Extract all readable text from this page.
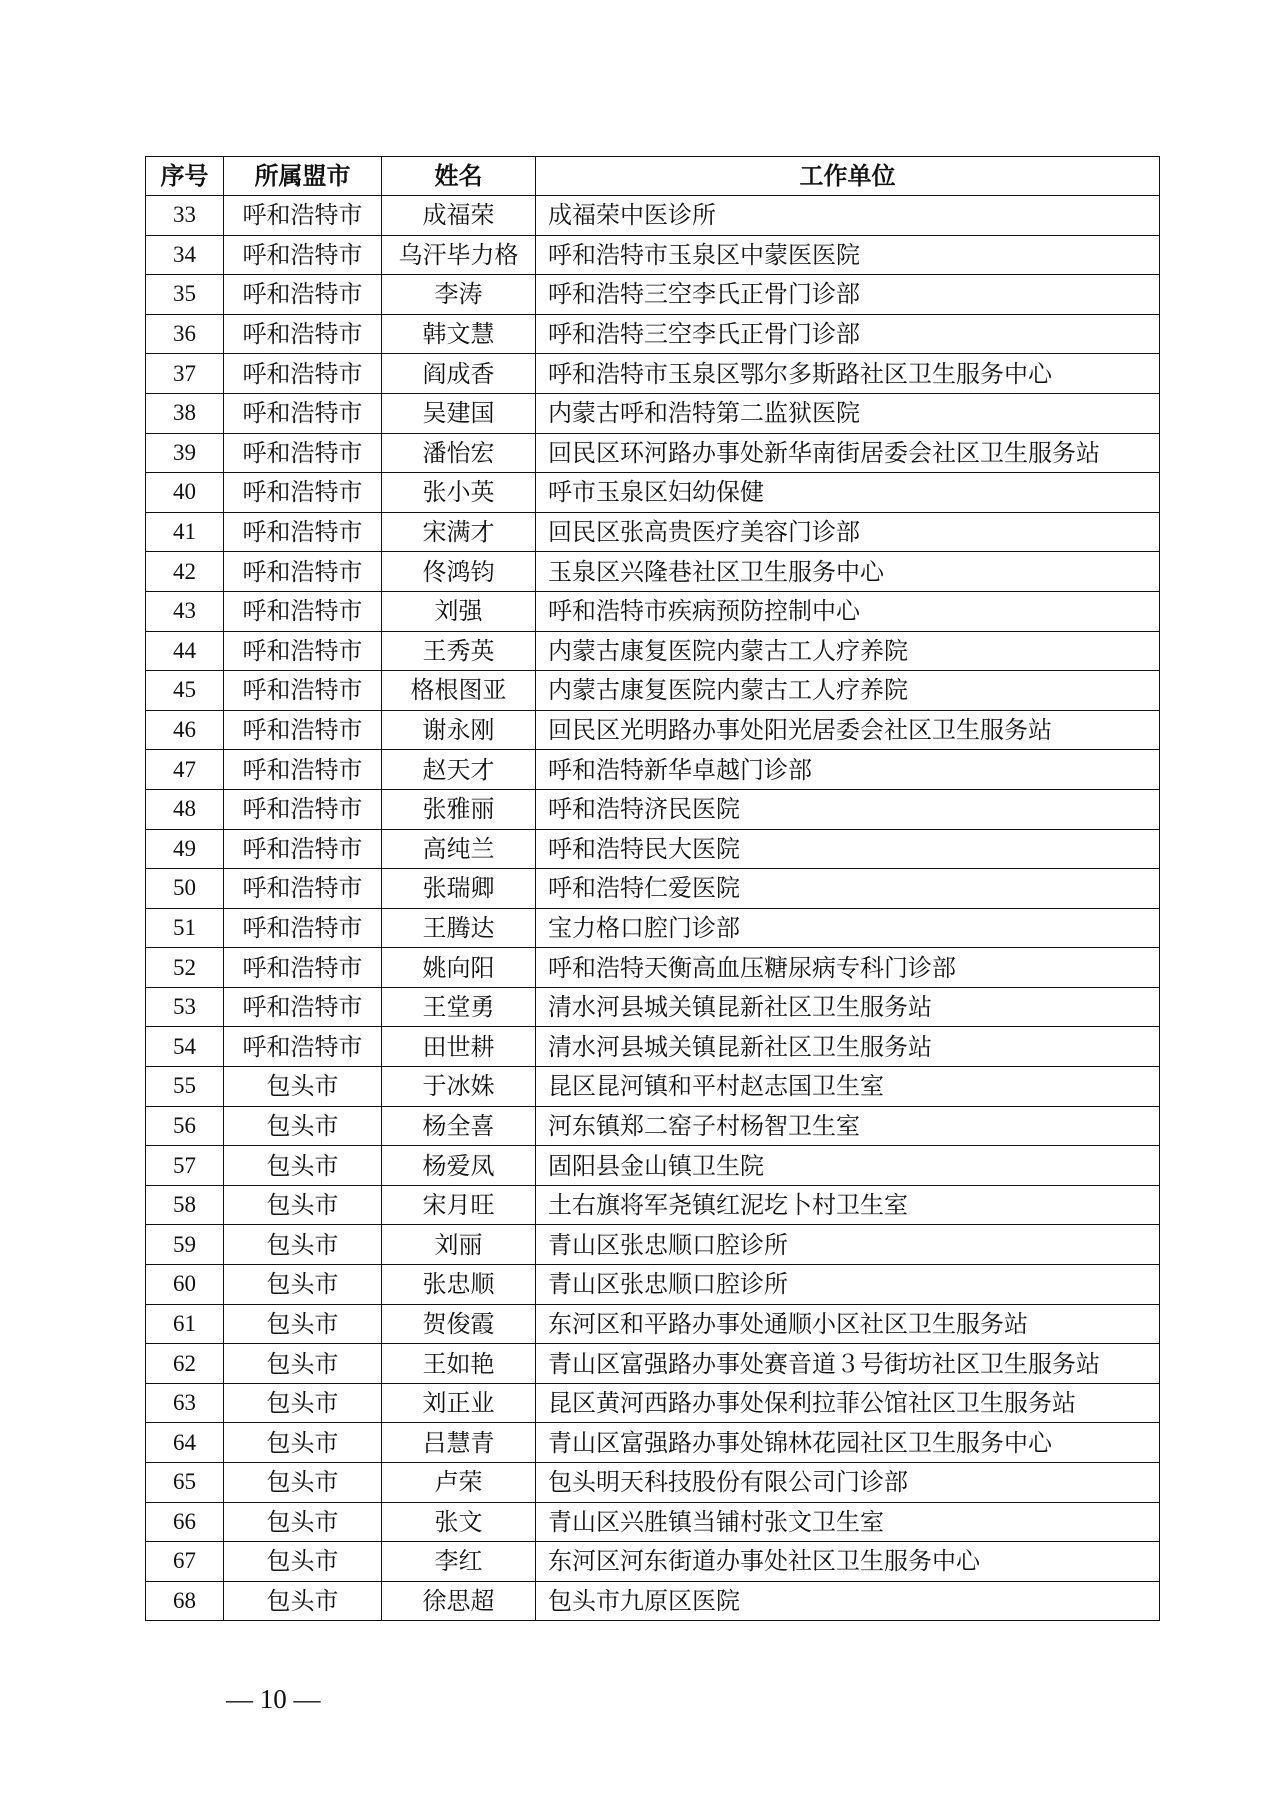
序号	所属盟市	姓名	工作单位
33	呼和浩特市	成福荣	成福荣中医诊所
34	呼和浩特市	乌汗毕力格	呼和浩特市玉泉区中蒙医医院
35	呼和浩特市	李涛	呼和浩特三空李氏正骨门诊部
36	呼和浩特市	韩文慧	呼和浩特三空李氏正骨门诊部
37	呼和浩特市	阎成香	呼和浩特市玉泉区鄂尔多斯路社区卫生服务中心
38	呼和浩特市	吴建国	内蒙古呼和浩特第二监狱医院
39	呼和浩特市	潘怡宏	回民区环河路办事处新华南街居委会社区卫生服务站
40	呼和浩特市	张小英	呼市玉泉区妇幼保健
41	呼和浩特市	宋满才	回民区张高贵医疗美容门诊部
42	呼和浩特市	佟鸿钧	玉泉区兴隆巷社区卫生服务中心
43	呼和浩特市	刘强	呼和浩特市疾病预防控制中心
44	呼和浩特市	王秀英	内蒙古康复医院内蒙古工人疗养院
45	呼和浩特市	格根图亚	内蒙古康复医院内蒙古工人疗养院
46	呼和浩特市	谢永刚	回民区光明路办事处阳光居委会社区卫生服务站
47	呼和浩特市	赵天才	呼和浩特新华卓越门诊部
48	呼和浩特市	张雅丽	呼和浩特济民医院
49	呼和浩特市	高纯兰	呼和浩特民大医院
50	呼和浩特市	张瑞卿	呼和浩特仁爱医院
51	呼和浩特市	王腾达	宝力格口腔门诊部
52	呼和浩特市	姚向阳	呼和浩特天衡高血压糖尿病专科门诊部
53	呼和浩特市	王堂勇	清水河县城关镇昆新社区卫生服务站
54	呼和浩特市	田世耕	清水河县城关镇昆新社区卫生服务站
55	包头市	于冰姝	昆区昆河镇和平村赵志国卫生室
56	包头市	杨全喜	河东镇郑二窑子村杨智卫生室
57	包头市	杨爱凤	固阳县金山镇卫生院
58	包头市	宋月旺	土右旗将军尧镇红泥圪卜村卫生室
59	包头市	刘丽	青山区张忠顺口腔诊所
60	包头市	张忠顺	青山区张忠顺口腔诊所
61	包头市	贺俊霞	东河区和平路办事处通顺小区社区卫生服务站
62	包头市	王如艳	青山区富强路办事处赛音道３号街坊社区卫生服务站
63	包头市	刘正业	昆区黄河西路办事处保利拉菲公馆社区卫生服务站
64	包头市	吕慧青	青山区富强路办事处锦林花园社区卫生服务中心
65	包头市	卢荣	包头明天科技股份有限公司门诊部
66	包头市	张文	青山区兴胜镇当铺村张文卫生室
67	包头市	李红	东河区河东街道办事处社区卫生服务中心
68	包头市	徐思超	包头市九原区医院
— 10 —
